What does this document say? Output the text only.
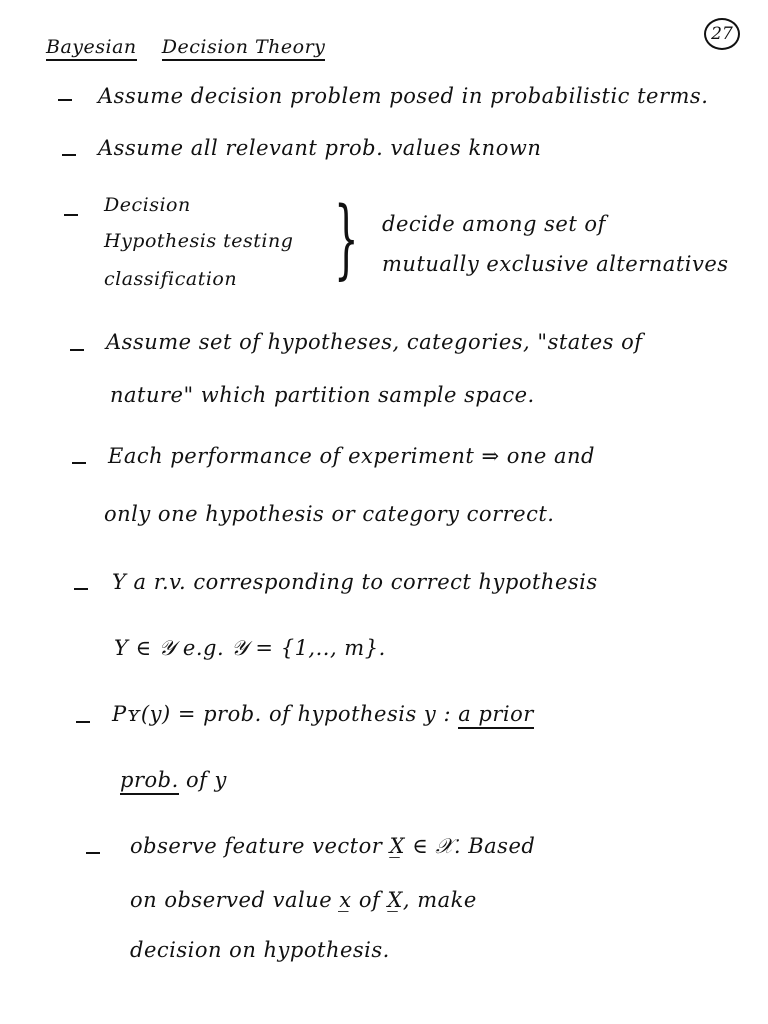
27
Bayesian Decision Theory
Assume decision problem posed in probabilistic terms.
Assume all relevant prob. values known
Decision
Hypothesis testing
classification } decide among set of
mutually exclusive alternatives
Assume set of hypotheses, categories, "states of
nature" which partition sample space.
Each performance of experiment ⇒ one and
only one hypothesis or category correct.
Y a r.v. corresponding to correct hypothesis
Y ∈ 𝒴 e.g. 𝒴 = {1,.., m}.
Pʏ(y) = prob. of hypothesis y : a prior
prob. of y
observe feature vector X̲ ∈ 𝒳. Based
on observed value x̲ of X̲, make
decision on hypothesis.
